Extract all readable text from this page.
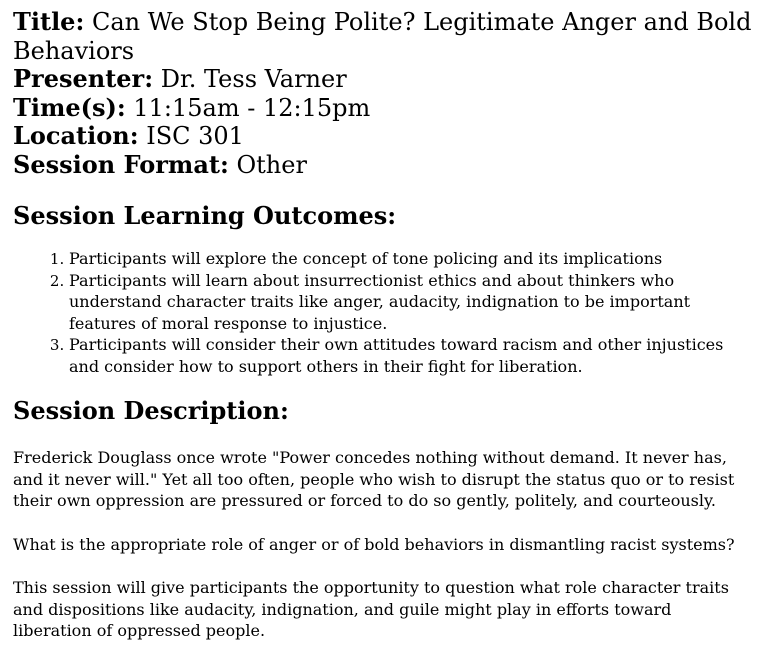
Title: Can We Stop Being Polite? Legitimate Anger and Bold Behaviors

Presenter: Dr. Tess Varner

Time(s): 11:15am - 12:15pm

Location: ISC 301

Session Format: Other

Session Learning Outcomes:
1. Participants will explore the concept of tone policing and its implications
2. Participants will learn about insurrectionist ethics and about thinkers who understand character traits like anger, audacity, indignation to be important features of moral response to injustice.
3. Participants will consider their own attitudes toward racism and other injustices and consider how to support others in their fight for liberation.
Session Description:

Frederick Douglass once wrote "Power concedes nothing without demand. It never has, and it never will." Yet all too often, people who wish to disrupt the status quo or to resist their own oppression are pressured or forced to do so gently, politely, and courteously.

What is the appropriate role of anger or of bold behaviors in dismantling racist systems?

This session will give participants the opportunity to question what role character traits and dispositions like audacity, indignation, and guile might play in efforts toward liberation of oppressed people.
